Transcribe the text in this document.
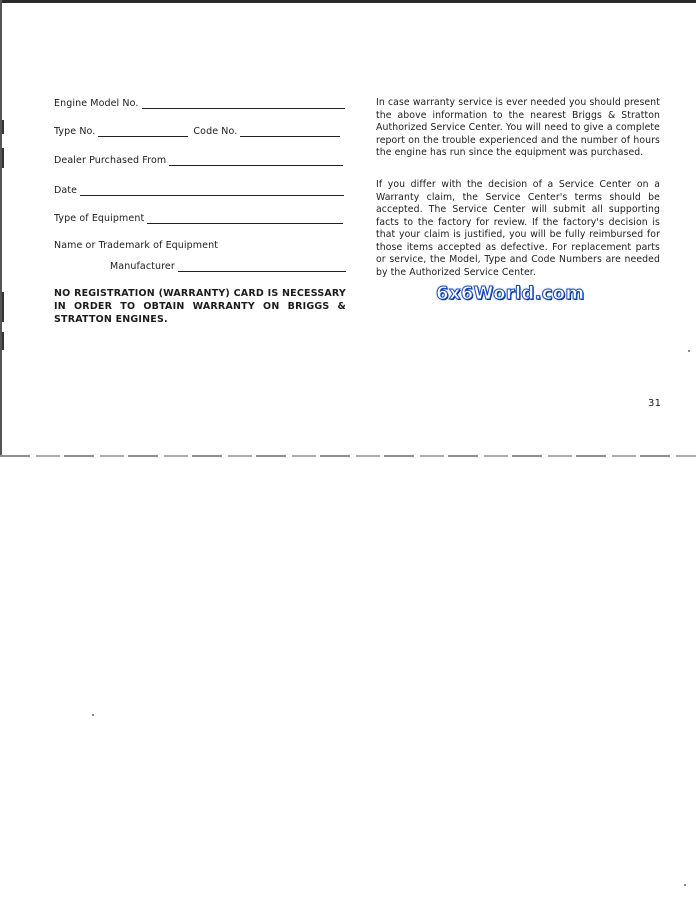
Engine Model No.
Type No.	Code No.
Dealer Purchased From
Date
Type of Equipment
Name or Trademark of Equipment
Manufacturer
NO REGISTRATION (WARRANTY) CARD IS NECESSARY IN ORDER TO OBTAIN WARRANTY ON BRIGGS & STRATTON ENGINES.
In case warranty service is ever needed you should present the above information to the nearest Briggs & Stratton Authorized Service Center. You will need to give a complete report on the trouble experienced and the number of hours the engine has run since the equipment was purchased.
If you differ with the decision of a Service Center on a Warranty claim, the Service Center's terms should be accepted. The Service Center will submit all supporting facts to the factory for review. If the factory's decision is that your claim is justified, you will be fully reimbursed for those items accepted as defective. For replacement parts or service, the Model, Type and Code Numbers are needed by the Authorized Service Center.
6x6World.com
31
